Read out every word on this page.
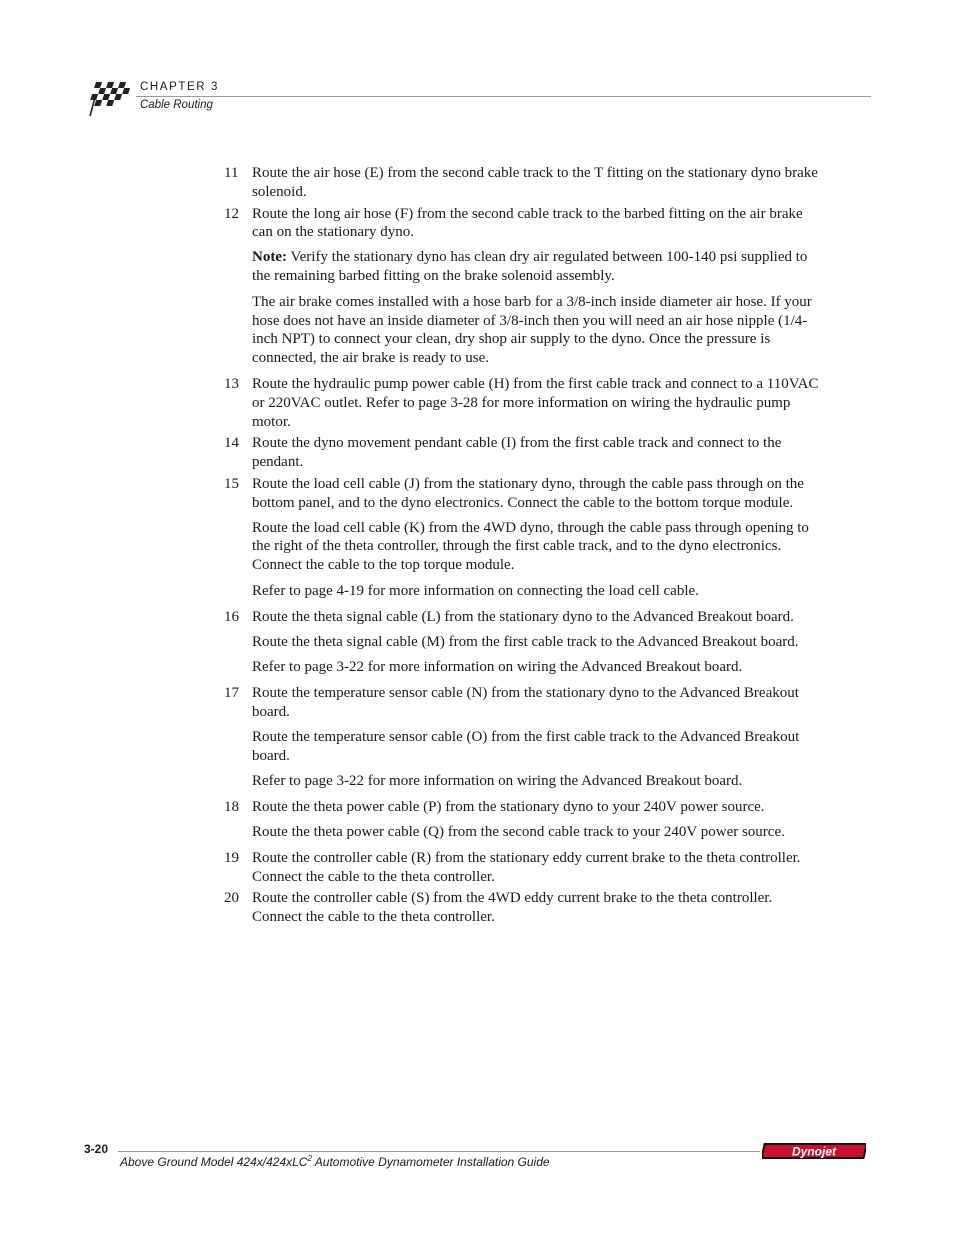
CHAPTER 3
Cable Routing
11 Route the air hose (E) from the second cable track to the T fitting on the stationary dyno brake solenoid.

12 Route the long air hose (F) from the second cable track to the barbed fitting on the air brake can on the stationary dyno.

Note: Verify the stationary dyno has clean dry air regulated between 100-140 psi supplied to the remaining barbed fitting on the brake solenoid assembly.

The air brake comes installed with a hose barb for a 3/8-inch inside diameter air hose. If your hose does not have an inside diameter of 3/8-inch then you will need an air hose nipple (1/4-inch NPT) to connect your clean, dry shop air supply to the dyno. Once the pressure is connected, the air brake is ready to use.

13 Route the hydraulic pump power cable (H) from the first cable track and connect to a 110VAC or 220VAC outlet. Refer to page 3-28 for more information on wiring the hydraulic pump motor.

14 Route the dyno movement pendant cable (I) from the first cable track and connect to the pendant.

15 Route the load cell cable (J) from the stationary dyno, through the cable pass through on the bottom panel, and to the dyno electronics. Connect the cable to the bottom torque module.

Route the load cell cable (K) from the 4WD dyno, through the cable pass through opening to the right of the theta controller, through the first cable track, and to the dyno electronics. Connect the cable to the top torque module.

Refer to page 4-19 for more information on connecting the load cell cable.

16 Route the theta signal cable (L) from the stationary dyno to the Advanced Breakout board.

Route the theta signal cable (M) from the first cable track to the Advanced Breakout board.

Refer to page 3-22 for more information on wiring the Advanced Breakout board.

17 Route the temperature sensor cable (N) from the stationary dyno to the Advanced Breakout board.

Route the temperature sensor cable (O) from the first cable track to the Advanced Breakout board.

Refer to page 3-22 for more information on wiring the Advanced Breakout board.

18 Route the theta power cable (P) from the stationary dyno to your 240V power source.

Route the theta power cable (Q) from the second cable track to your 240V power source.

19 Route the controller cable (R) from the stationary eddy current brake to the theta controller. Connect the cable to the theta controller.

20 Route the controller cable (S) from the 4WD eddy current brake to the theta controller. Connect the cable to the theta controller.

3-20
Above Ground Model 424x/424xLC$^2$ Automotive Dynamometer Installation Guide
Dynojet
